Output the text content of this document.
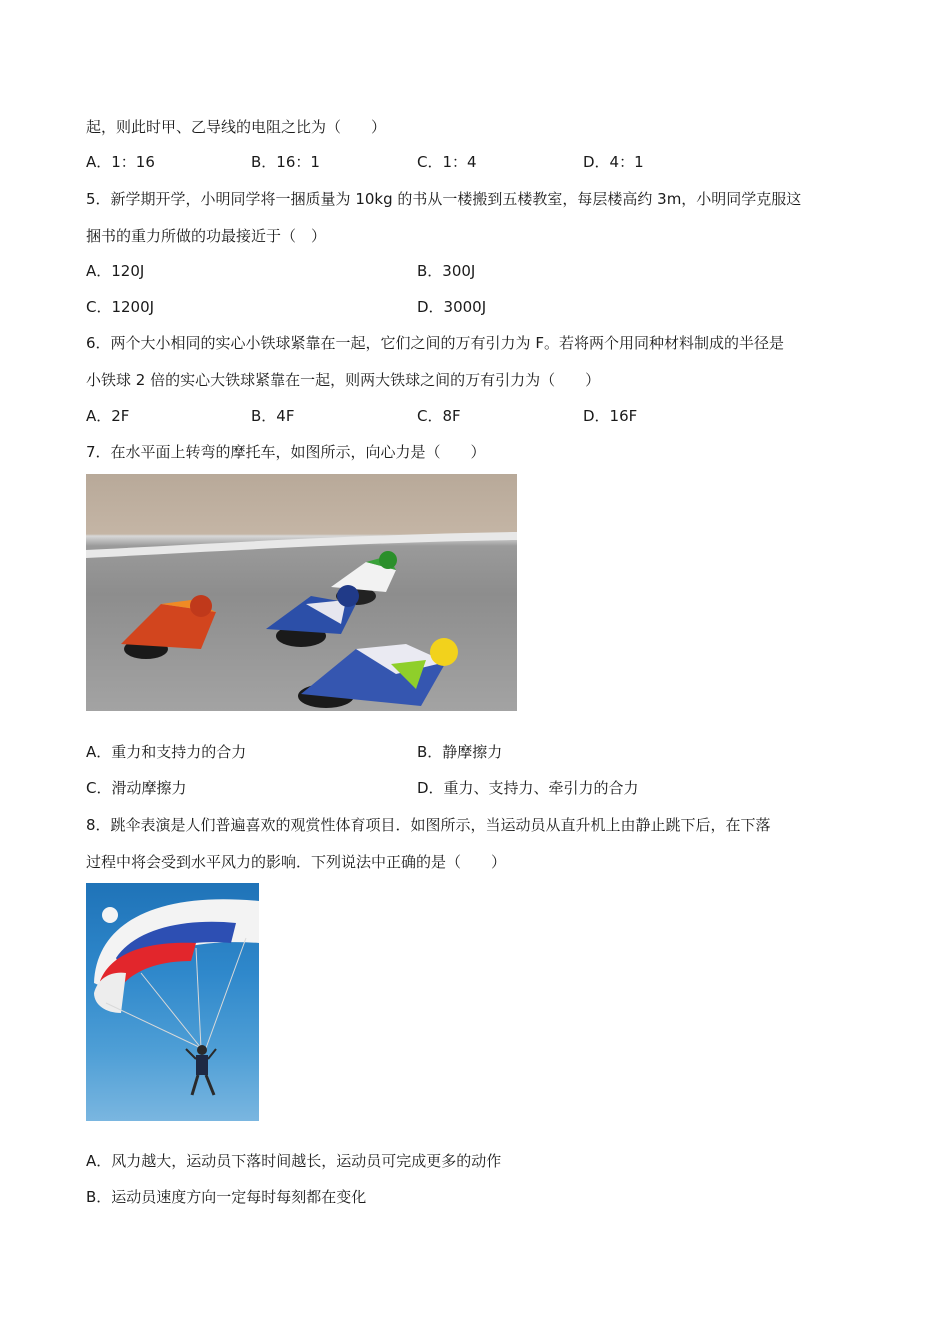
起，则此时甲、乙导线的电阻之比为（　　）
A．1：16	B．16：1	C．1：4	D．4：1
5．新学期开学，小明同学将一捆质量为 10kg 的书从一楼搬到五楼教室，每层楼高约 3m，小明同学克服这
捆书的重力所做的功最接近于（　）
A．120J	B．300J
C．1200J	D．3000J
6．两个大小相同的实心小铁球紧靠在一起，它们之间的万有引力为 F。若将两个用同种材料制成的半径是
小铁球 2 倍的实心大铁球紧靠在一起，则两大铁球之间的万有引力为（　　）
A．2F	B．4F	C．8F	D．16F
7．在水平面上转弯的摩托车，如图所示，向心力是（　　）
A．重力和支持力的合力	B．静摩擦力
C．滑动摩擦力	D．重力、支持力、牵引力的合力
8．跳伞表演是人们普遍喜欢的观赏性体育项目．如图所示，当运动员从直升机上由静止跳下后，在下落
过程中将会受到水平风力的影响．下列说法中正确的是（　　）
A．风力越大，运动员下落时间越长，运动员可完成更多的动作
B．运动员速度方向一定每时每刻都在变化
